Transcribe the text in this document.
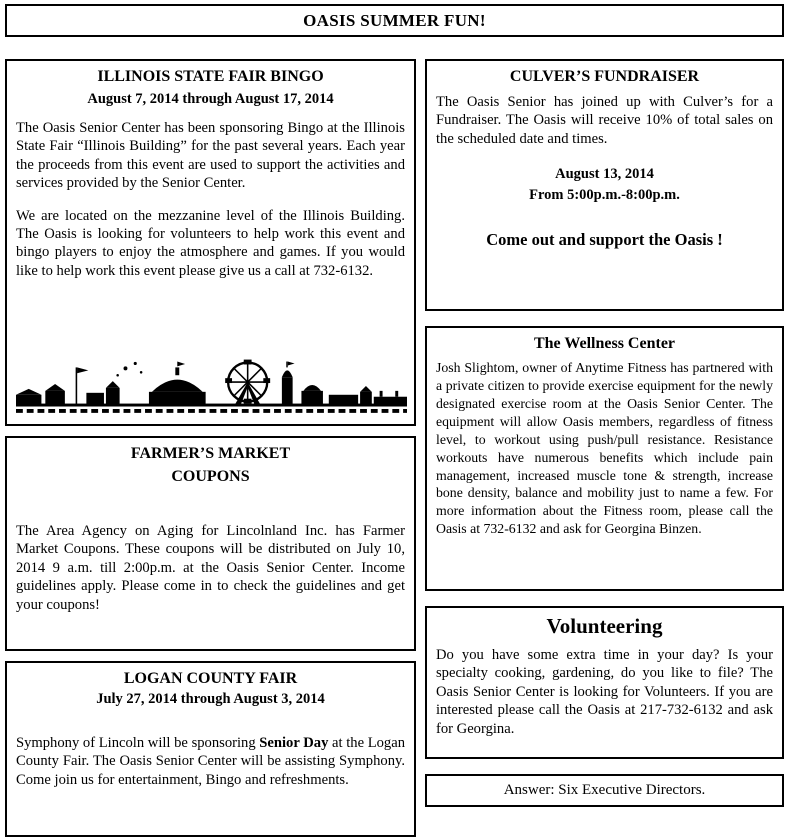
OASIS SUMMER FUN!
ILLINOIS STATE FAIR BINGO
August 7, 2014 through August 17, 2014

The Oasis Senior Center has been sponsoring Bingo at the Illinois State Fair “Illinois Building” for the past several years. Each year the proceeds from this event are used to support the activities and services provided by the Senior Center.

We are located on the mezzanine level of the Illinois Building. The Oasis is looking for volunteers to help work this event and bingo players to enjoy the atmosphere and games. If you would like to help work this event please give us a call at 732-6132.

FARMER’S MARKET
COUPONS

The Area Agency on Aging for Lincolnland Inc. has Farmer Market Coupons. These coupons will be distributed on July 10, 2014 9 a.m. till 2:00p.m. at the Oasis Senior Center. Income guidelines apply. Please come in to check the guidelines and get your coupons!

LOGAN COUNTY FAIR
July 27, 2014 through August 3, 2014

Symphony of Lincoln will be sponsoring Senior Day at the Logan County Fair. The Oasis Senior Center will be assisting Symphony. Come join us for entertainment, Bingo and refreshments.

CULVER’S FUNDRAISER

The Oasis Senior has joined up with Culver’s for a Fundraiser. The Oasis will receive 10% of total sales on the scheduled date and times.

August 13, 2014
From 5:00p.m.-8:00p.m.
Come out and support the Oasis !
The Wellness Center

Josh Slightom, owner of Anytime Fitness has partnered with a private citizen to provide exercise equipment for the newly designated exercise room at the Oasis Senior Center. The equipment will allow Oasis members, regardless of fitness level, to workout using push/pull resistance. Resistance workouts have numerous benefits which include pain management, increased muscle tone & strength, increase bone density, balance and mobility just to name a few. For more information about the Fitness room, please call the Oasis at 732-6132 and ask for Georgina Binzen.

Volunteering

Do you have some extra time in your day? Is your specialty cooking, gardening, do you like to file? The Oasis Senior Center is looking for Volunteers. If you are interested please call the Oasis at 217-732-6132 and ask for Georgina.

Answer: Six Executive Directors.
